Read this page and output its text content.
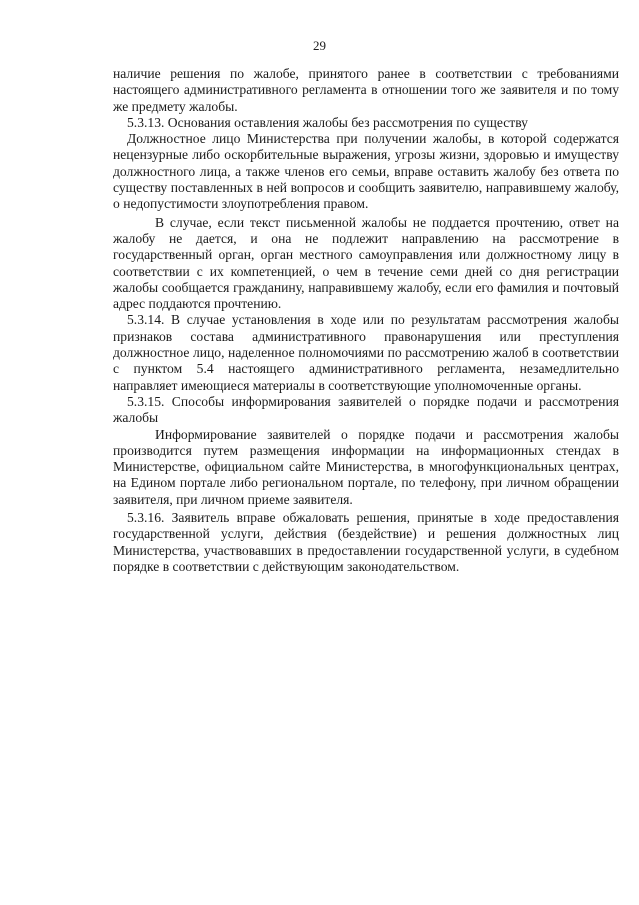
29

наличие решения по жалобе, принятого ранее в соответствии с требованиями настоящего административного регламента в отношении того же заявителя и по тому же предмету жалобы.

5.3.13. Основания оставления жалобы без рассмотрения по существу

Должностное лицо Министерства при получении жалобы, в которой содержатся нецензурные либо оскорбительные выражения, угрозы жизни, здоровью и имуществу должностного лица, а также членов его семьи, вправе оставить жалобу без ответа по существу поставленных в ней вопросов и сообщить заявителю, направившему жалобу, о недопустимости злоупотребления правом.

В случае, если текст письменной жалобы не поддается прочтению, ответ на жалобу не дается, и она не подлежит направлению на рассмотрение в государственный орган, орган местного самоуправления или должностному лицу в соответствии с их компетенцией, о чем в течение семи дней со дня регистрации жалобы сообщается гражданину, направившему жалобу, если его фамилия и почтовый адрес поддаются прочтению.

5.3.14. В случае установления в ходе или по результатам рассмотрения жалобы признаков состава административного правонарушения или преступления должностное лицо, наделенное полномочиями по рассмотрению жалоб в соответствии с пунктом 5.4 настоящего административного регламента, незамедлительно направляет имеющиеся материалы в соответствующие уполномоченные органы.

5.3.15. Способы информирования заявителей о порядке подачи и рассмотрения жалобы

Информирование заявителей о порядке подачи и рассмотрения жалобы производится путем размещения информации на информационных стендах в Министерстве, официальном сайте Министерства, в многофункциональных центрах, на Едином портале либо региональном портале, по телефону, при личном обращении заявителя, при личном приеме заявителя.

5.3.16. Заявитель вправе обжаловать решения, принятые в ходе предоставления государственной услуги, действия (бездействие) и решения должностных лиц Министерства, участвовавших в предоставлении государственной услуги, в судебном порядке в соответствии с действующим законодательством.
